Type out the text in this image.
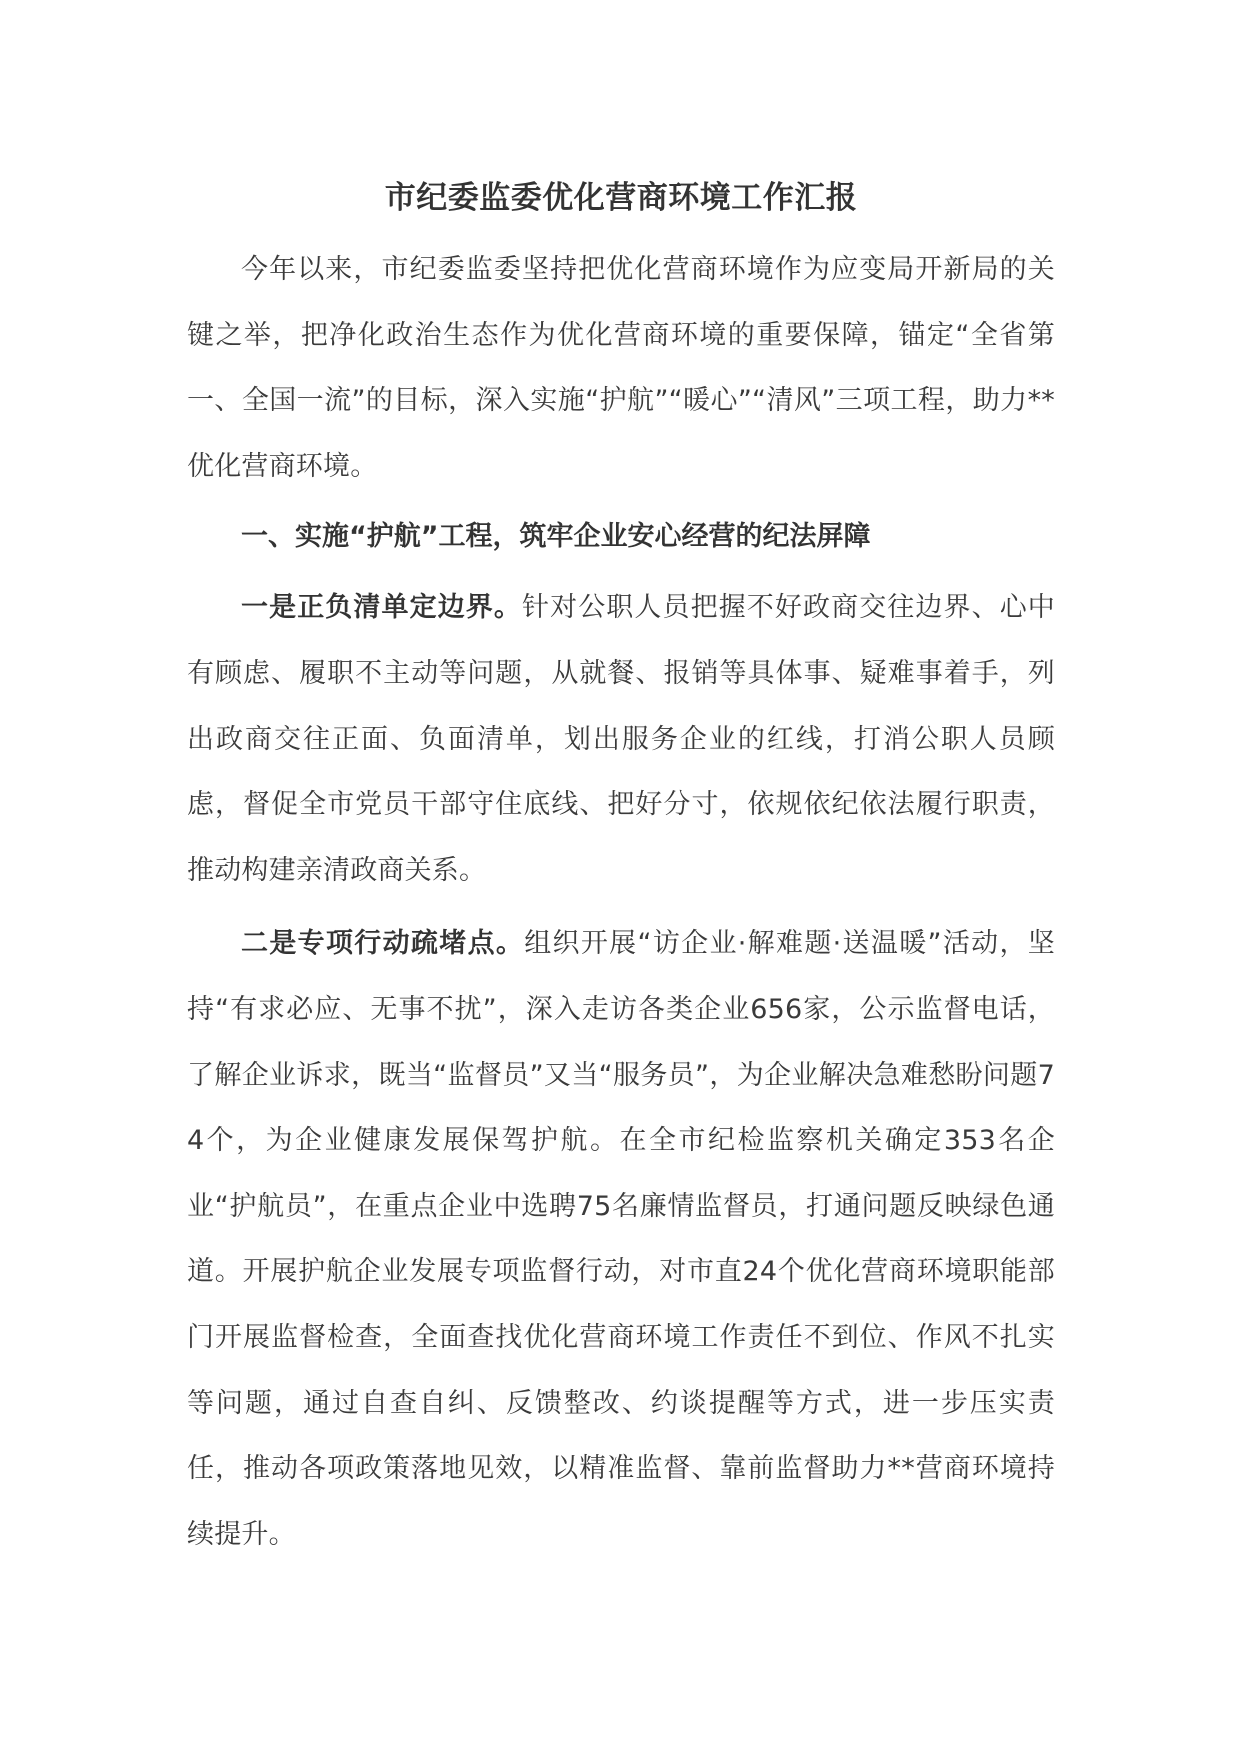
市纪委监委优化营商环境工作汇报

今年以来，市纪委监委坚持把优化营商环境作为应变局开新局的关键之举，把净化政治生态作为优化营商环境的重要保障，锚定“全省第一、全国一流”的目标，深入实施“护航”“暖心”“清风”三项工程，助力**优化营商环境。

一、实施“护航”工程，筑牢企业安心经营的纪法屏障

一是正负清单定边界。针对公职人员把握不好政商交往边界、心中有顾虑、履职不主动等问题，从就餐、报销等具体事、疑难事着手，列出政商交往正面、负面清单，划出服务企业的红线，打消公职人员顾虑，督促全市党员干部守住底线、把好分寸，依规依纪依法履行职责，推动构建亲清政商关系。

二是专项行动疏堵点。组织开展“访企业·解难题·送温暖”活动，坚持“有求必应、无事不扰”，深入走访各类企业656家，公示监督电话，了解企业诉求，既当“监督员”又当“服务员”，为企业解决急难愁盼问题74个，为企业健康发展保驾护航。在全市纪检监察机关确定353名企业“护航员”，在重点企业中选聘75名廉情监督员，打通问题反映绿色通道。开展护航企业发展专项监督行动，对市直24个优化营商环境职能部门开展监督检查，全面查找优化营商环境工作责任不到位、作风不扎实等问题，通过自查自纠、反馈整改、约谈提醒等方式，进一步压实责任，推动各项政策落地见效，以精准监督、靠前监督助力**营商环境持续提升。
